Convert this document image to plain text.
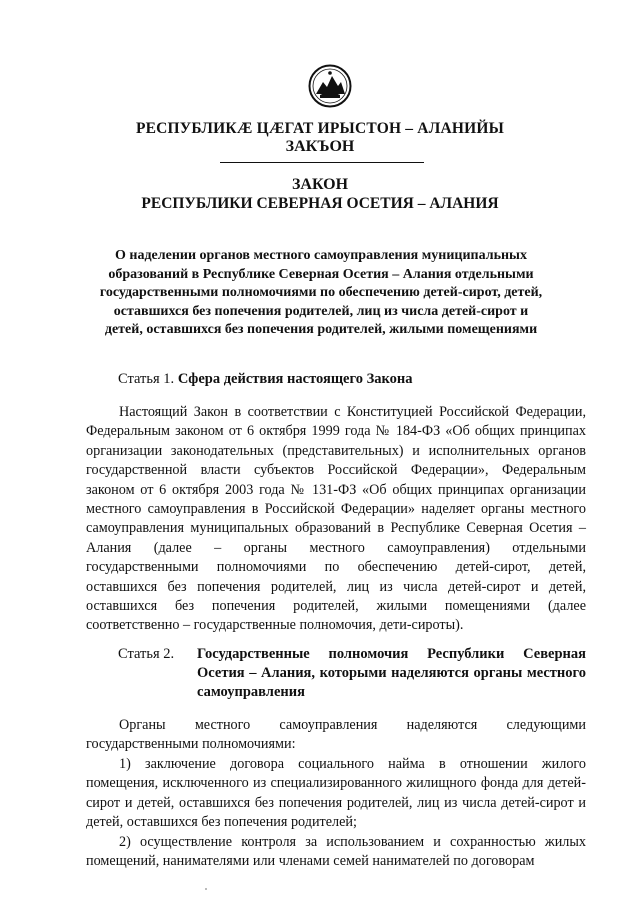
РЕСПУБЛИКÆ ЦÆГАТ ИРЫСТОН – АЛАНИЙЫ
ЗАКЪОН
ЗАКОН
РЕСПУБЛИКИ СЕВЕРНАЯ ОСЕТИЯ – АЛАНИЯ
О наделении органов местного самоуправления муниципальных образований в Республике Северная Осетия – Алания отдельными государственными полномочиями по обеспечению детей-сирот, детей, оставшихся без попечения родителей, лиц из числа детей-сирот и детей, оставшихся без попечения родителей, жилыми помещениями
Статья 1. Сфера действия настоящего Закона
Настоящий Закон в соответствии с Конституцией Российской Федерации, Федеральным законом от 6 октября 1999 года № 184-ФЗ «Об общих принципах организации законодательных (представительных) и исполнительных органов государственной власти субъектов Российской Федерации», Федеральным законом от 6 октября 2003 года № 131-ФЗ «Об общих принципах организации местного самоуправления в Российской Федерации» наделяет органы местного самоуправления муниципальных образований в Республике Северная Осетия – Алания (далее – органы местного самоуправления) отдельными государственными полномочиями по обеспечению детей-сирот, детей, оставшихся без попечения родителей, лиц из числа детей-сирот и детей, оставшихся без попечения родителей, жилыми помещениями (далее соответственно – государственные полномочия, дети-сироты).
Статья 2. Государственные полномочия Республики Северная Осетия – Алания, которыми наделяются органы местного самоуправления
Органы местного самоуправления наделяются следующими государственными полномочиями:
1) заключение договора социального найма в отношении жилого помещения, исключенного из специализированного жилищного фонда для детей-сирот и детей, оставшихся без попечения родителей, лиц из числа детей-сирот и детей, оставшихся без попечения родителей;
2) осуществление контроля за использованием и сохранностью жилых помещений, нанимателями или членами семей нанимателей по договорам
